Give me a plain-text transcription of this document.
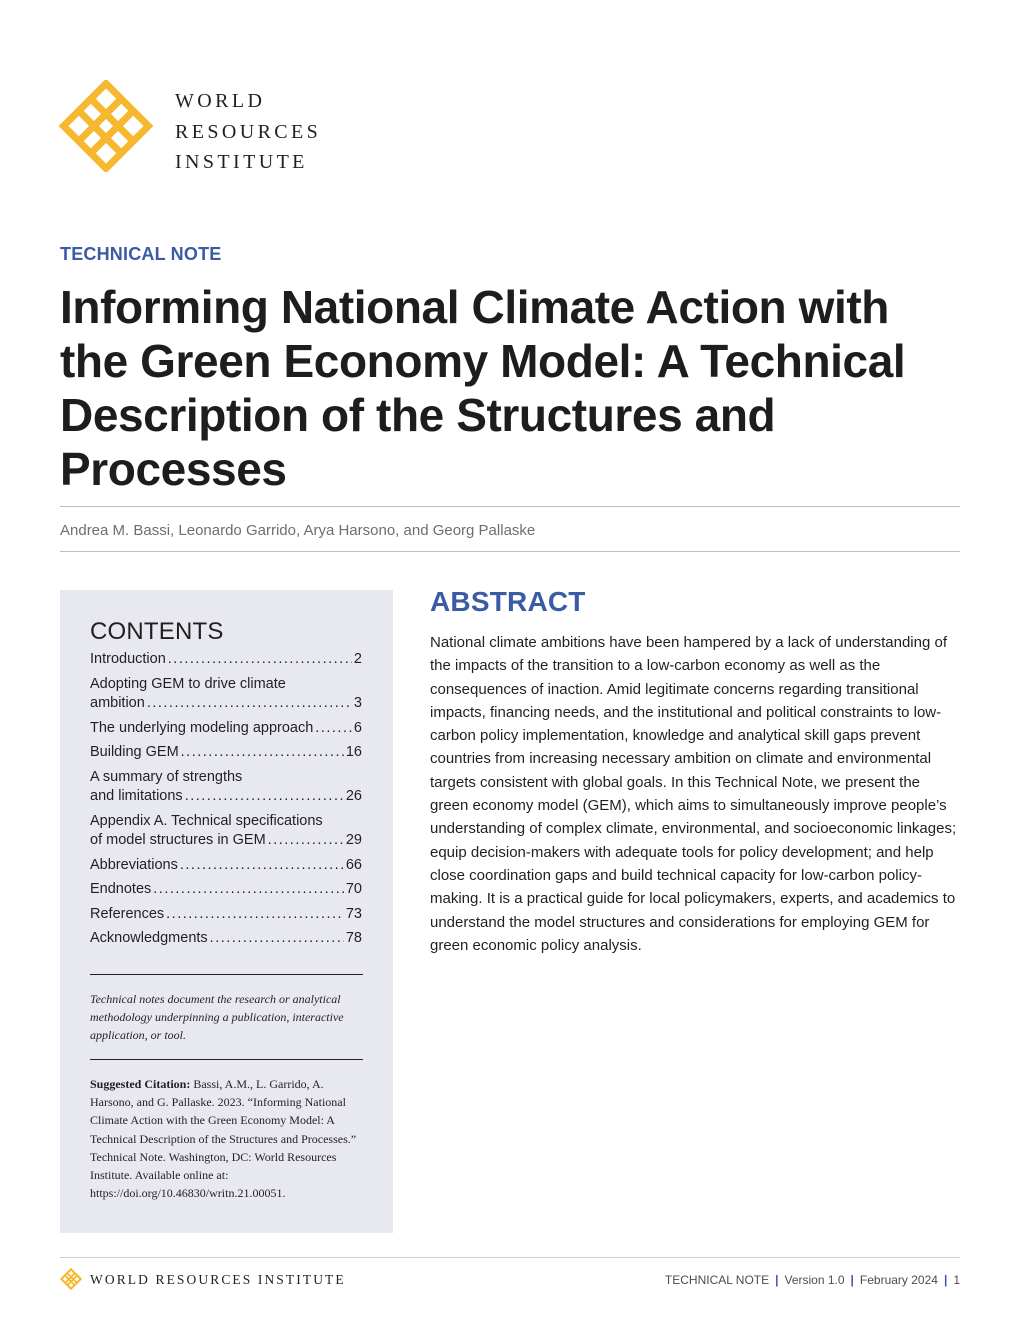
WORLD
RESOURCES
INSTITUTE
TECHNICAL NOTE
Informing National Climate Action with the Green Economy Model: A Technical Description of the Structures and Processes
Andrea M. Bassi, Leonardo Garrido, Arya Harsono, and Georg Pallaske
CONTENTS
Introduction .....	2
Adopting GEM to drive climate
ambition .....	3
The underlying modeling approach .....	6
Building GEM .....	16
A summary of strengths
and limitations .....	26
Appendix A. Technical specifications
of model structures in GEM .....	29
Abbreviations .....	66
Endnotes .....	70
References .....	73
Acknowledgments .....	78
Technical notes document the research or analytical methodology underpinning a publication, interactive application, or tool.
Suggested Citation: Bassi, A.M., L. Garrido, A. Harsono, and G. Pallaske. 2023. “Informing National Climate Action with the Green Economy Model: A Technical Description of the Structures and Processes.” Technical Note. Washington, DC: World Resources Institute. Available online at: https://doi.org/10.46830/writn.21.00051.
ABSTRACT

National climate ambitions have been hampered by a lack of understanding of the impacts of the transition to a low-carbon economy as well as the consequences of inaction. Amid legitimate concerns regarding transitional impacts, financing needs, and the institutional and political constraints to low-carbon policy implementation, knowledge and analytical skill gaps prevent countries from increasing necessary ambition on climate and environmental targets consistent with global goals. In this Technical Note, we present the green economy model (GEM), which aims to simultaneously improve people’s understanding of complex climate, environmental, and socioeconomic linkages; equip decision-makers with adequate tools for policy development; and help close coordination gaps and build technical capacity for low-carbon policy-making. It is a practical guide for local policymakers, experts, and academics to understand the model structures and considerations for employing GEM for green economic policy analysis.

WORLD RESOURCES INSTITUTE	TECHNICAL NOTE | Version 1.0 | February 2024 | 1
